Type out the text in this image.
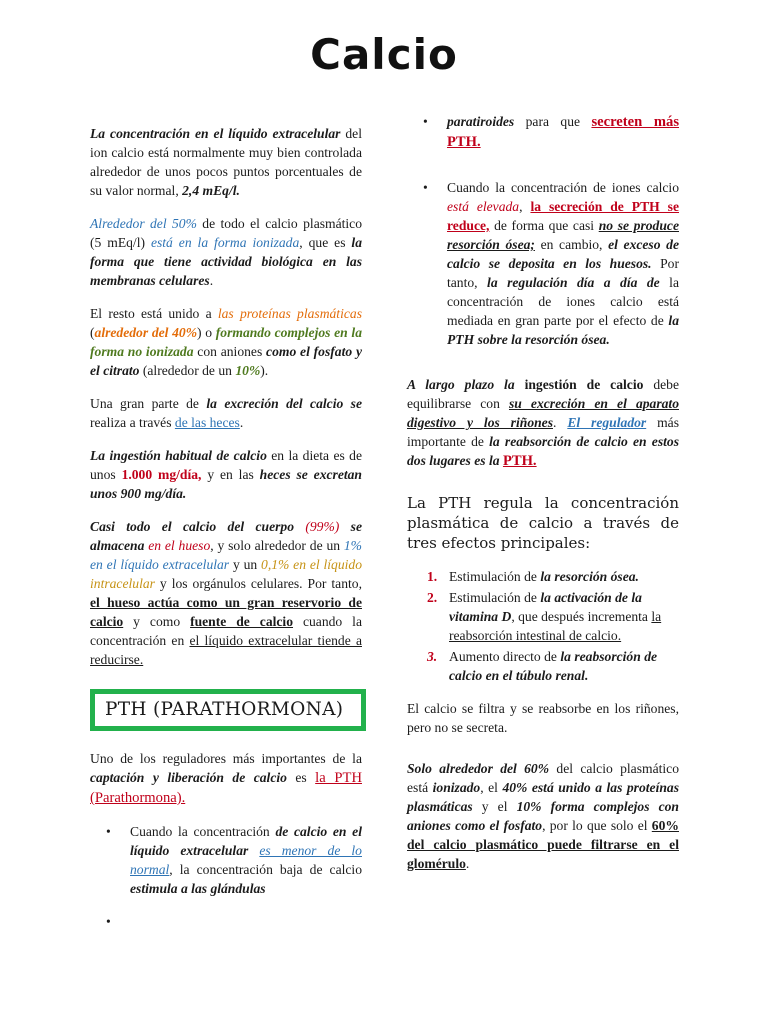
Calcio

La concentración en el líquido extracelular del ion calcio está normalmente muy bien controlada alrededor de unos pocos puntos porcentuales de su valor normal, 2,4 mEq/l.

Alrededor del 50% de todo el calcio plasmático (5 mEq/l) está en la forma ionizada, que es la forma que tiene actividad biológica en las membranas celulares.

El resto está unido a las proteínas plasmáticas (alrededor del 40%) o formando complejos en la forma no ionizada con aniones como el fosfato y el citrato (alrededor de un 10%).

Una gran parte de la excreción del calcio se realiza a través de las heces.

La ingestión habitual de calcio en la dieta es de unos 1.000 mg/día, y en las heces se excretan unos 900 mg/día.

Casi todo el calcio del cuerpo (99%) se almacena en el hueso, y solo alrededor de un 1% en el líquido extracelular y un 0,1% en el líquido intracelular y los orgánulos celulares. Por tanto, el hueso actúa como un gran reservorio de calcio y como fuente de calcio cuando la concentración en el líquido extracelular tiende a reducirse.

PTH (PARATHORMONA)

Uno de los reguladores más importantes de la captación y liberación de calcio es la PTH (Parathormona).

• Cuando la concentración de calcio en el líquido extracelular es menor de lo normal, la concentración baja de calcio estimula a las glándulas
•

• paratiroides para que secreten más PTH.
• Cuando la concentración de iones calcio está elevada, la secreción de PTH se reduce, de forma que casi no se produce resorción ósea; en cambio, el exceso de calcio se deposita en los huesos. Por tanto, la regulación día a día de la concentración de iones calcio está mediada en gran parte por el efecto de la PTH sobre la resorción ósea.

A largo plazo la ingestión de calcio debe equilibrarse con su excreción en el aparato digestivo y los riñones. El regulador más importante de la reabsorción de calcio en estos dos lugares es la PTH.

La PTH regula la concentración plasmática de calcio a través de tres efectos principales:
1. Estimulación de la resorción ósea.
2. Estimulación de la activación de la vitamina D, que después incrementa la reabsorción intestinal de calcio.
3. Aumento directo de la reabsorción de calcio en el túbulo renal.

El calcio se filtra y se reabsorbe en los riñones, pero no se secreta.

Solo alrededor del 60% del calcio plasmático está ionizado, el 40% está unido a las proteínas plasmáticas y el 10% forma complejos con aniones como el fosfato, por lo que solo el 60% del calcio plasmático puede filtrarse en el glomérulo.
